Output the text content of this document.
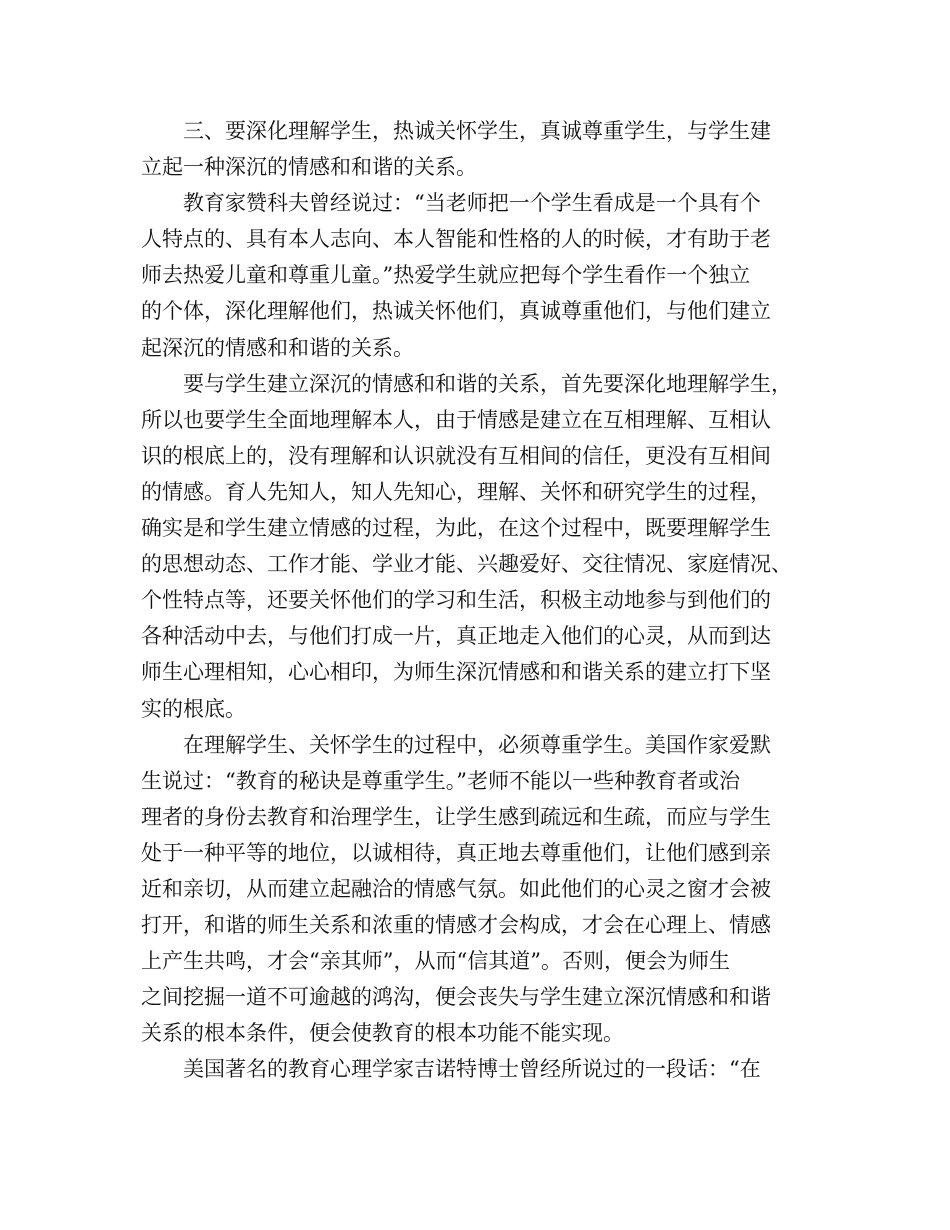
　　三、要深化理解学生，热诚关怀学生，真诚尊重学生，与学生建
立起一种深沉的情感和和谐的关系。
　　教育家赞科夫曾经说过：“当老师把一个学生看成是一个具有个
人特点的、具有本人志向、本人智能和性格的人的时候，才有助于老
师去热爱儿童和尊重儿童。”热爱学生就应把每个学生看作一个独立
的个体，深化理解他们，热诚关怀他们，真诚尊重他们，与他们建立
起深沉的情感和和谐的关系。
　　要与学生建立深沉的情感和和谐的关系，首先要深化地理解学生，
所以也要学生全面地理解本人，由于情感是建立在互相理解、互相认
识的根底上的，没有理解和认识就没有互相间的信任，更没有互相间
的情感。育人先知人，知人先知心，理解、关怀和研究学生的过程，
确实是和学生建立情感的过程，为此，在这个过程中，既要理解学生
的思想动态、工作才能、学业才能、兴趣爱好、交往情况、家庭情况、
个性特点等，还要关怀他们的学习和生活，积极主动地参与到他们的
各种活动中去，与他们打成一片，真正地走入他们的心灵，从而到达
师生心理相知，心心相印，为师生深沉情感和和谐关系的建立打下坚
实的根底。
　　在理解学生、关怀学生的过程中，必须尊重学生。美国作家爱默
生说过：“教育的秘诀是尊重学生。”老师不能以一些种教育者或治
理者的身份去教育和治理学生，让学生感到疏远和生疏，而应与学生
处于一种平等的地位，以诚相待，真正地去尊重他们，让他们感到亲
近和亲切，从而建立起融洽的情感气氛。如此他们的心灵之窗才会被
打开，和谐的师生关系和浓重的情感才会构成，才会在心理上、情感
上产生共鸣，才会“亲其师”，从而“信其道”。否则，便会为师生
之间挖掘一道不可逾越的鸿沟，便会丧失与学生建立深沉情感和和谐
关系的根本条件，便会使教育的根本功能不能实现。
　　美国著名的教育心理学家吉诺特博士曾经所说过的一段话：“在
